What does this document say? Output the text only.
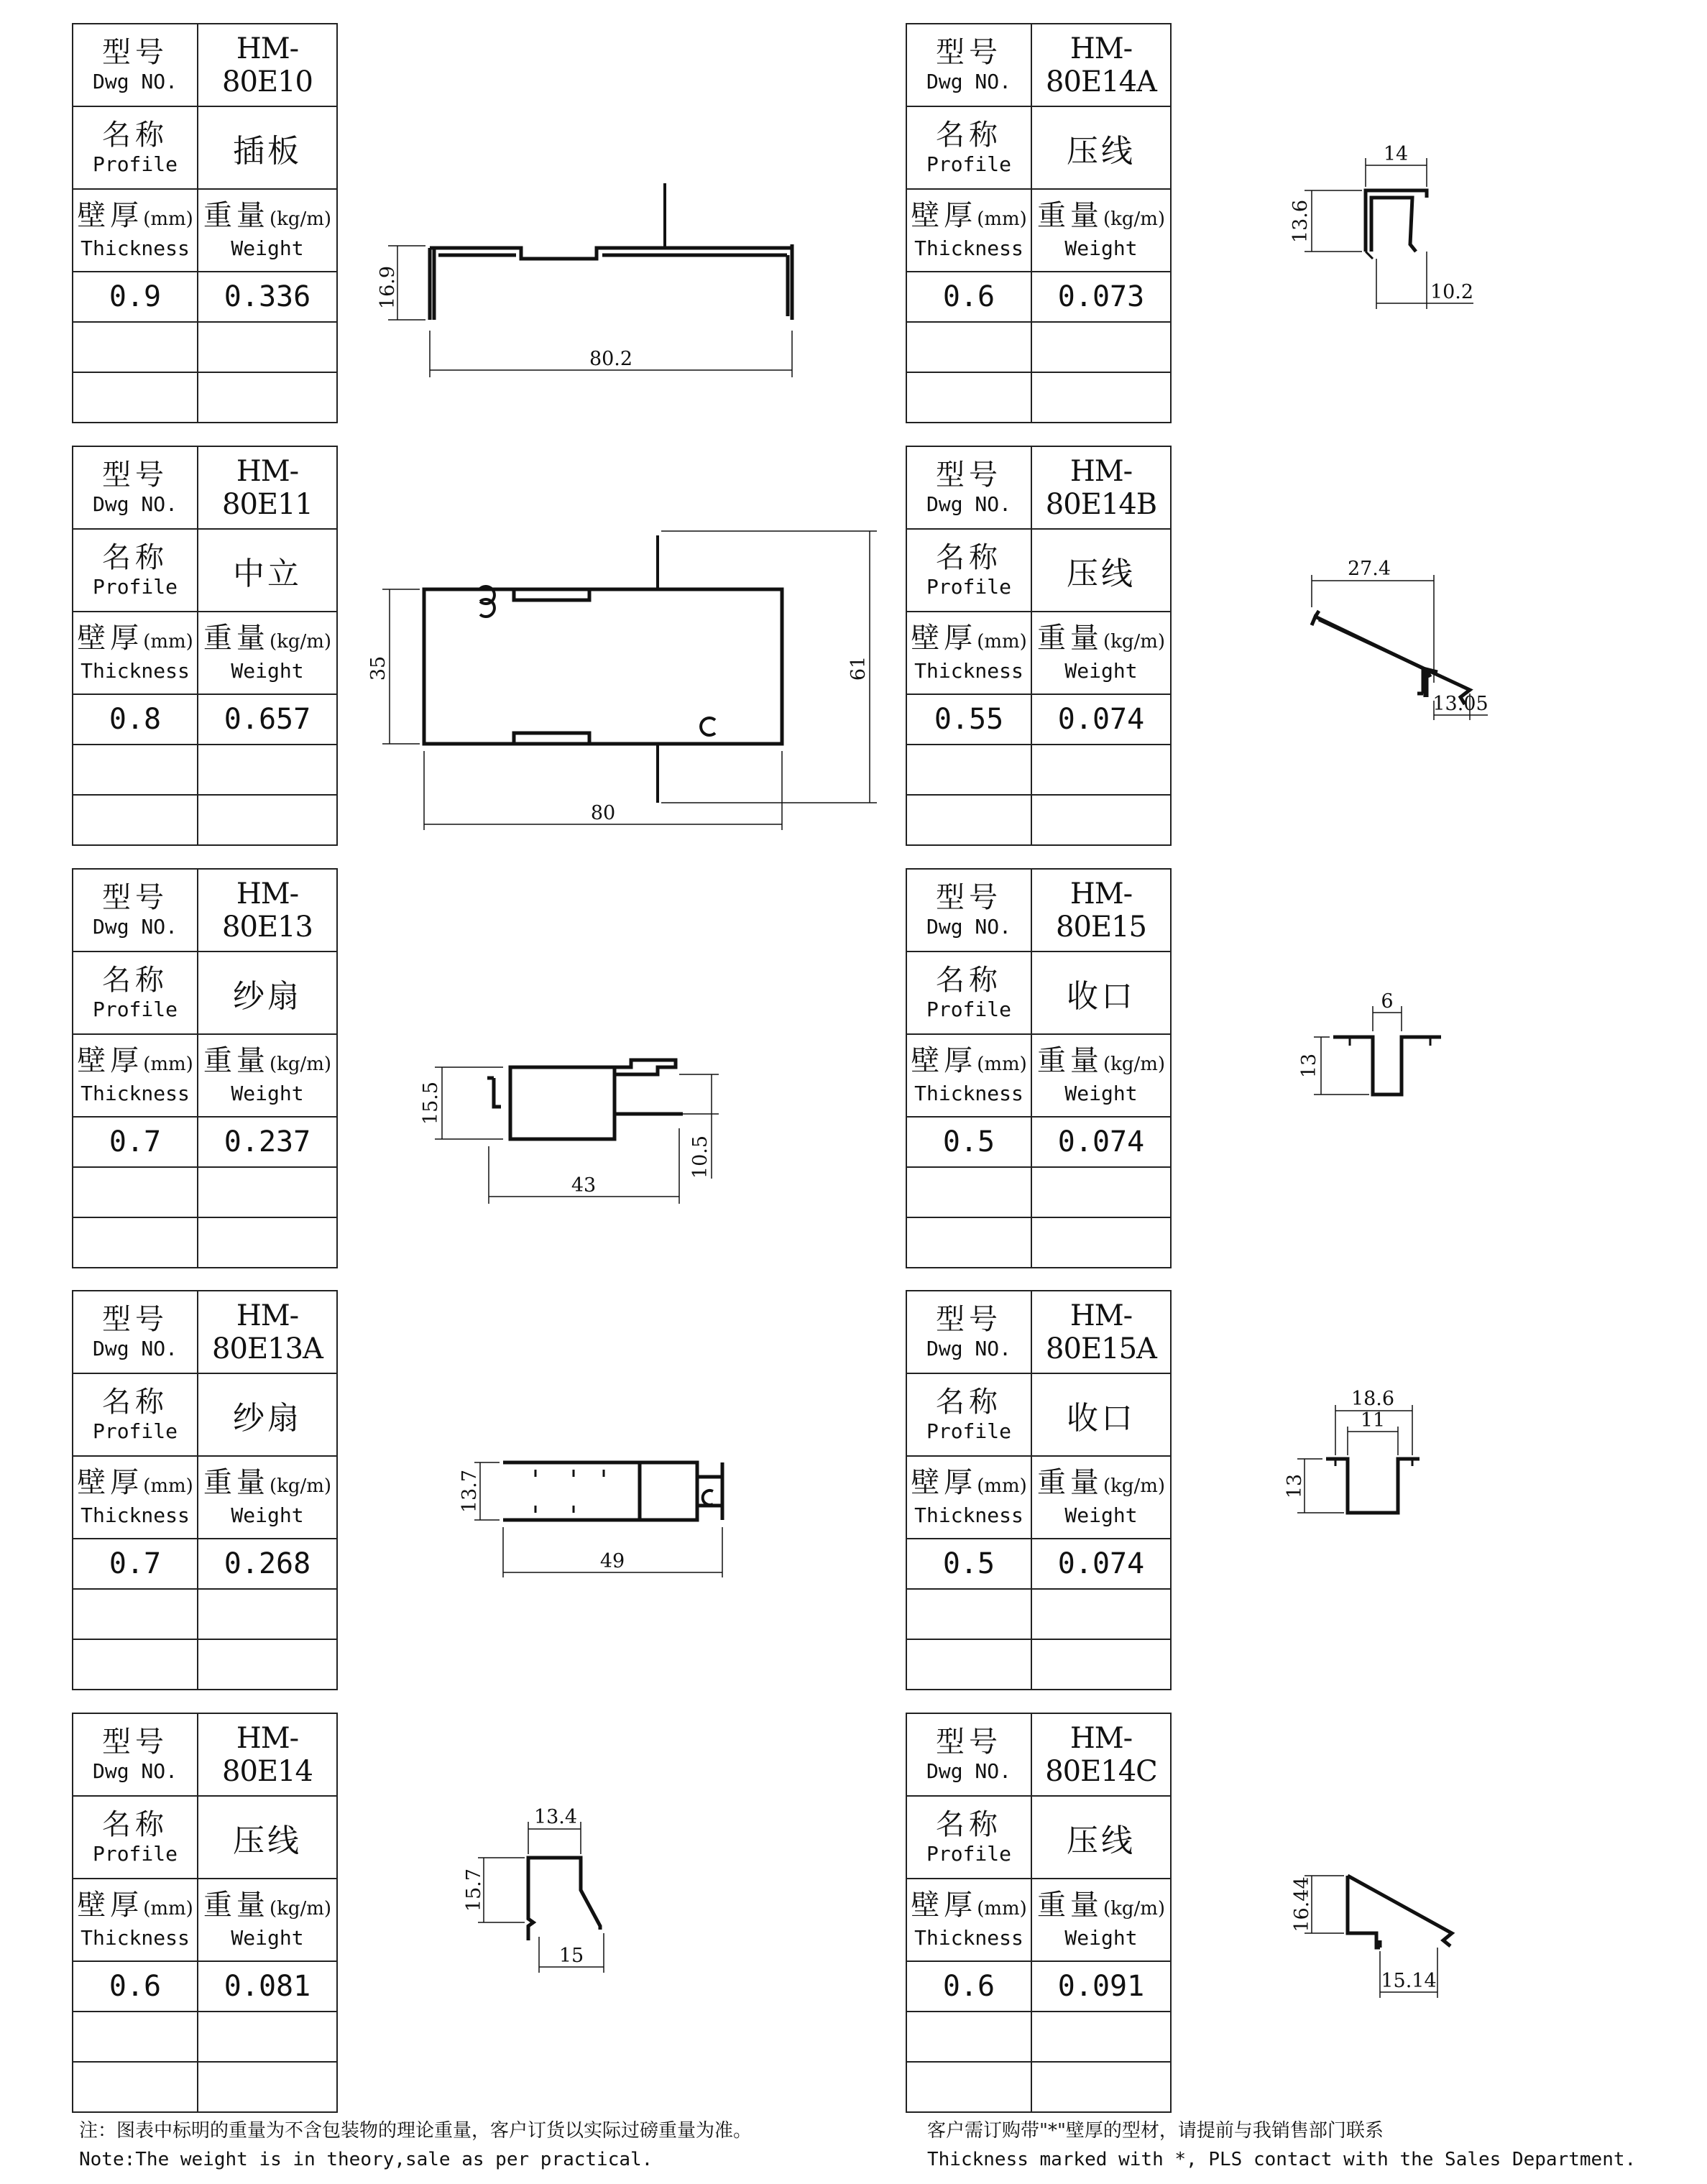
型号
Dwg NO.	HM-80E10

名称
Profile	插板

壁厚(mm)
Thickness	重量(kg/m)
Weight

0.9	0.336

型号
Dwg NO.	HM-80E11

名称
Profile	中立

壁厚(mm)
Thickness	重量(kg/m)
Weight

0.8	0.657

型号
Dwg NO.	HM-80E13

名称
Profile	纱扇

壁厚(mm)
Thickness	重量(kg/m)
Weight

0.7	0.237

型号
Dwg NO.	HM-80E13A

名称
Profile	纱扇

壁厚(mm)
Thickness	重量(kg/m)
Weight

0.7	0.268

型号
Dwg NO.	HM-80E14

名称
Profile	压线

壁厚(mm)
Thickness	重量(kg/m)
Weight

0.6	0.081

型号
Dwg NO.	HM-80E14A

名称
Profile	压线

壁厚(mm)
Thickness	重量(kg/m)
Weight

0.6	0.073

型号
Dwg NO.	HM-80E14B

名称
Profile	压线

壁厚(mm)
Thickness	重量(kg/m)
Weight

0.55	0.074

型号
Dwg NO.	HM-80E15

名称
Profile	收口

壁厚(mm)
Thickness	重量(kg/m)
Weight

0.5	0.074

型号
Dwg NO.	HM-80E15A

名称
Profile	收口

壁厚(mm)
Thickness	重量(kg/m)
Weight

0.5	0.074

型号
Dwg NO.	HM-80E14C

名称
Profile	压线

壁厚(mm)
Thickness	重量(kg/m)
Weight

0.6	0.091

16.9
80.2
35	61
80
15.5
10.5
43
13.7
49
13.4
15.7
15
14
13.6
10.2
27.4
13.05
6
13
18.6
11
13
16.44
15.14
注：图表中标明的重量为不含包装物的理论重量，客户订货以实际过磅重量为准。
Note:The weight is in theory,sale as per practical.
客户需订购带"*"壁厚的型材，请提前与我销售部门联系
Thickness marked with *, PLS contact with the Sales Department.
